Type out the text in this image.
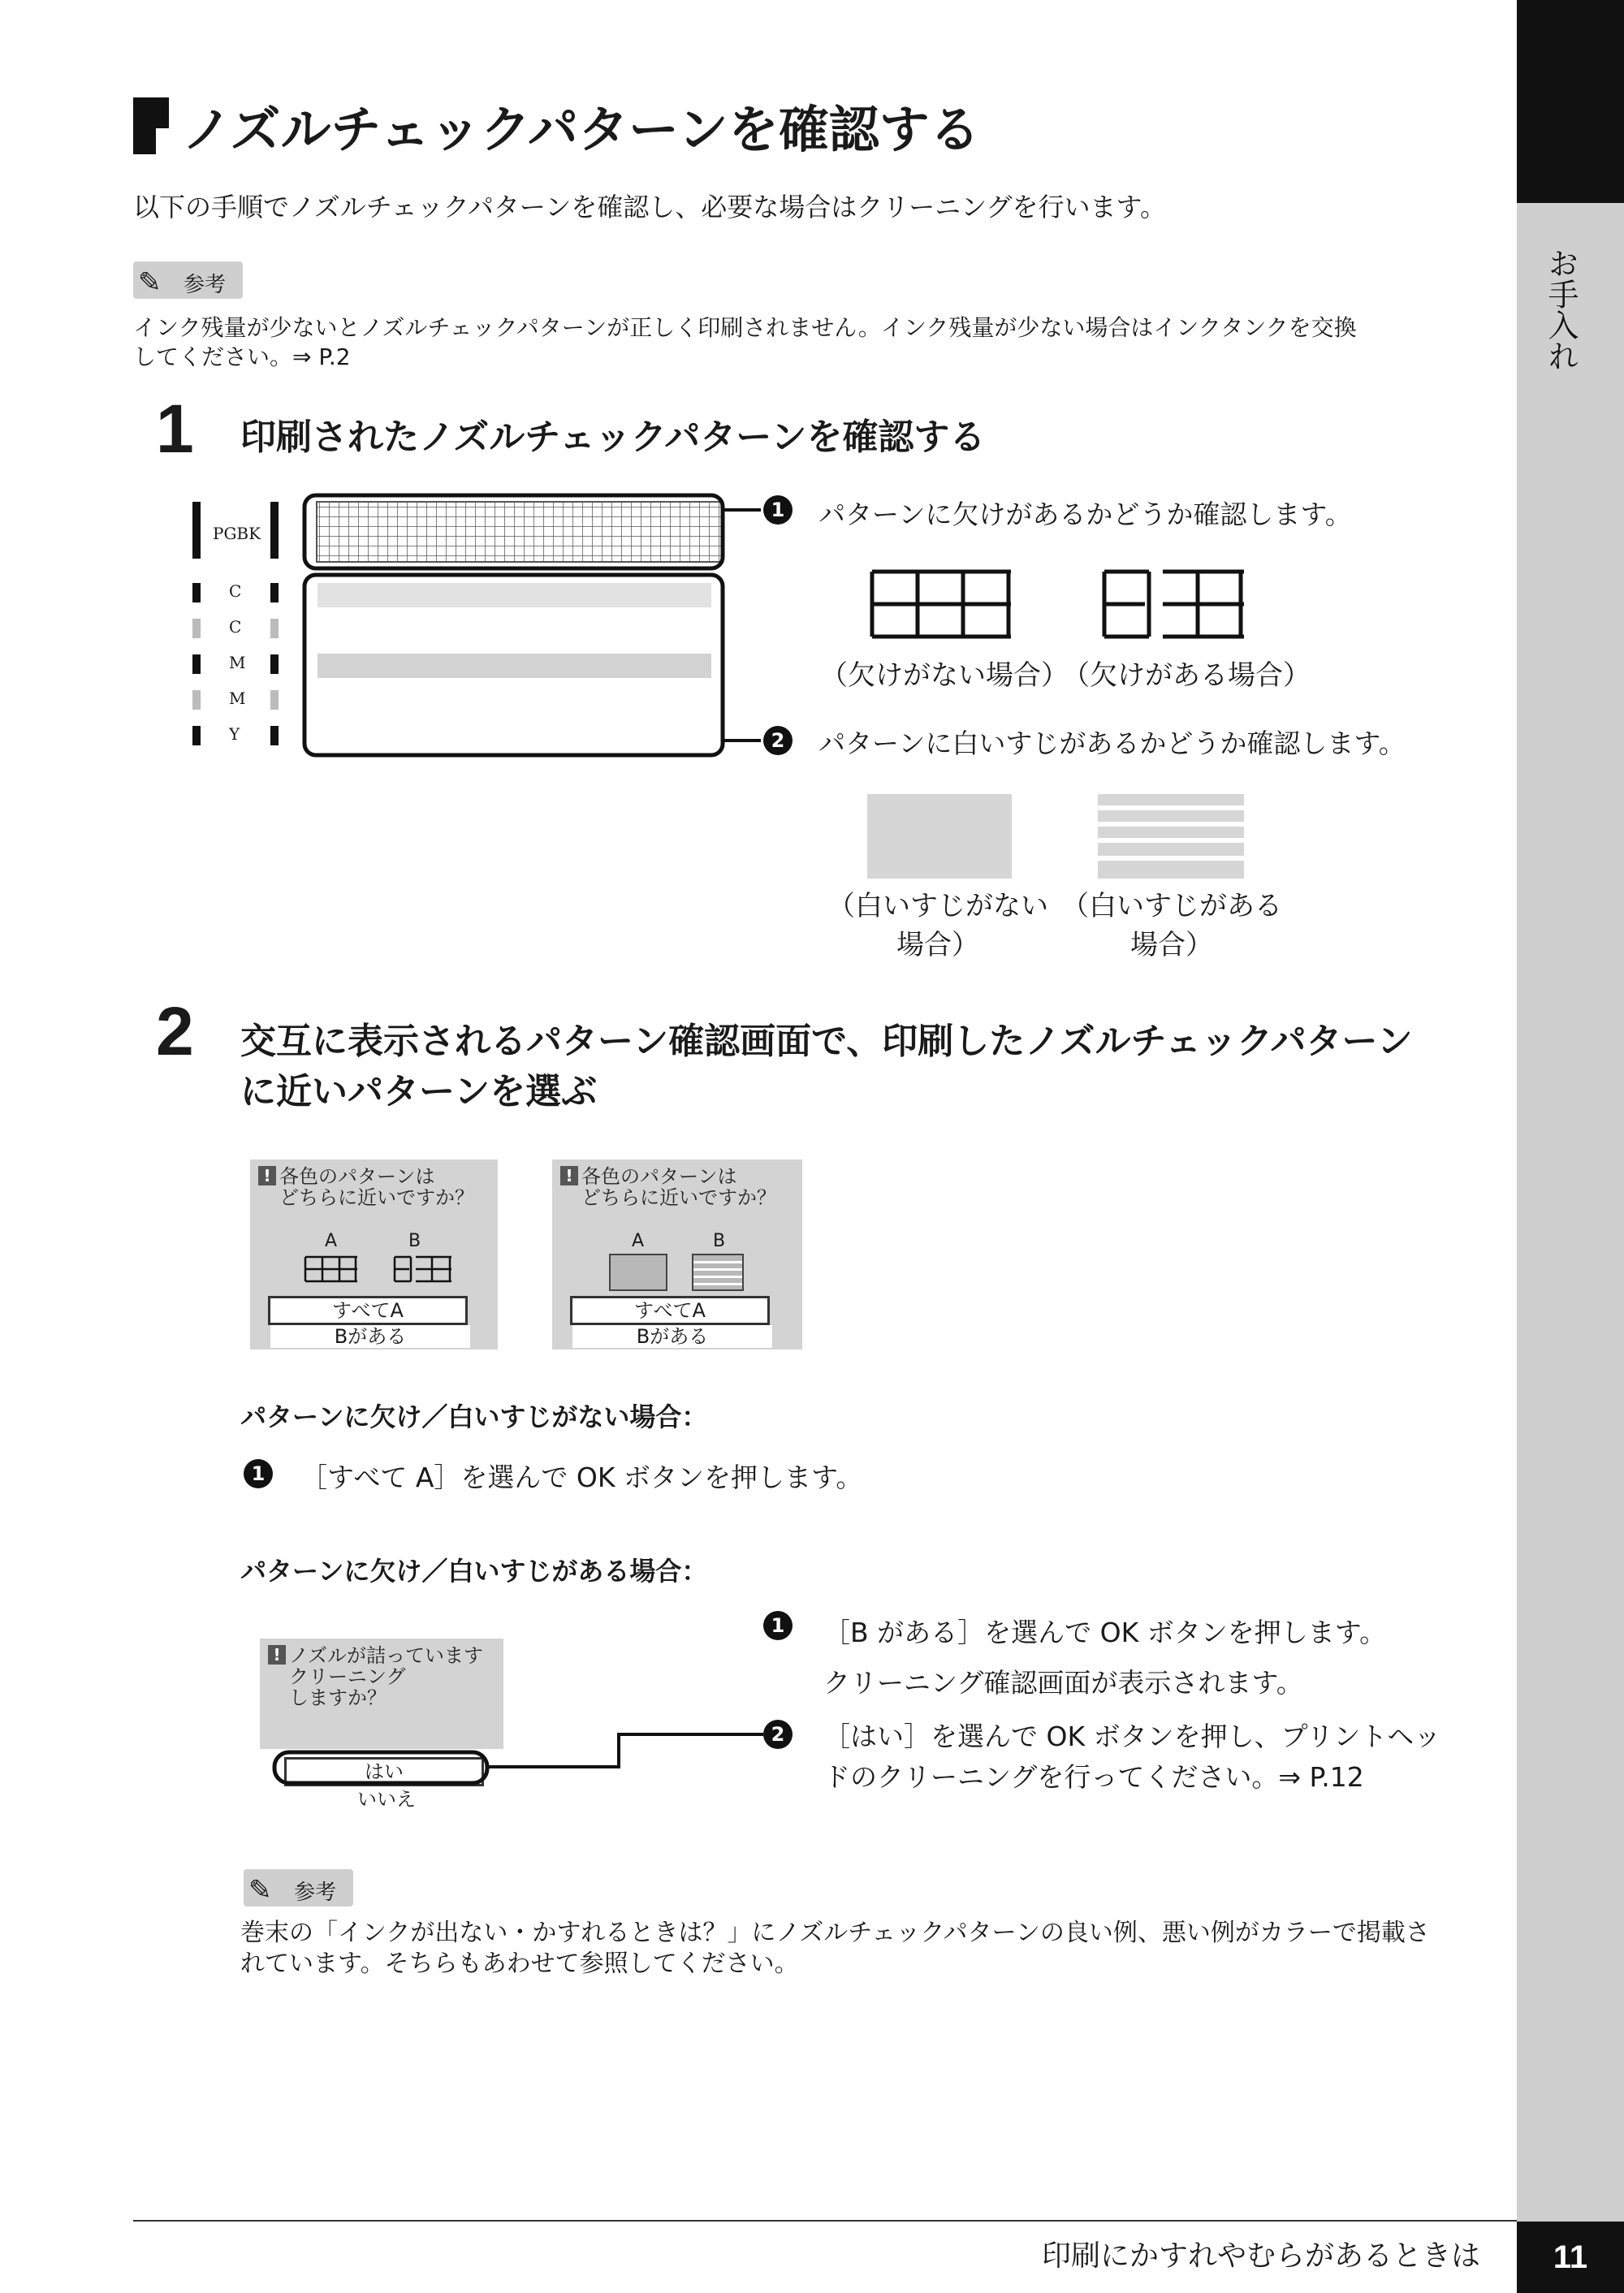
お手入れ
ノズルチェックパターンを確認する
以下の手順でノズルチェックパターンを確認し、必要な場合はクリーニングを行います。
✎ 参考
インク残量が少ないとノズルチェックパターンが正しく印刷されません。インク残量が少ない場合はインクタンクを交換
してください。⇒ P.2
1 印刷されたノズルチェックパターンを確認する
PGBK
C
C
M
M
Y
1 パターンに欠けがあるかどうか確認します。
（欠けがない場合）
（欠けがある場合）
2 パターンに白いすじがあるかどうか確認します。
（白いすじがない
場合）
（白いすじがある
場合）
2 交互に表示されるパターン確認画面で、印刷したノズルチェックパターン
に近いパターンを選ぶ
! 各色のパターンは
どちらに近いですか？
A	B
すべてA
Bがある
! 各色のパターンは
どちらに近いですか？
A	B
すべてA
Bがある
パターンに欠け／白いすじがない場合：
1 ［すべて A］を選んで OK ボタンを押します。
パターンに欠け／白いすじがある場合：
! ノズルが詰っています
クリーニング
しますか？
はい
いいえ
1 ［B がある］を選んで OK ボタンを押します。
クリーニング確認画面が表示されます。
2 ［はい］を選んで OK ボタンを押し、プリントヘッ
ドのクリーニングを行ってください。⇒ P.12
✎ 参考
巻末の「インクが出ない・かすれるときは？」にノズルチェックパターンの良い例、悪い例がカラーで掲載さ
れています。そちらもあわせて参照してください。
印刷にかすれやむらがあるときは	11
